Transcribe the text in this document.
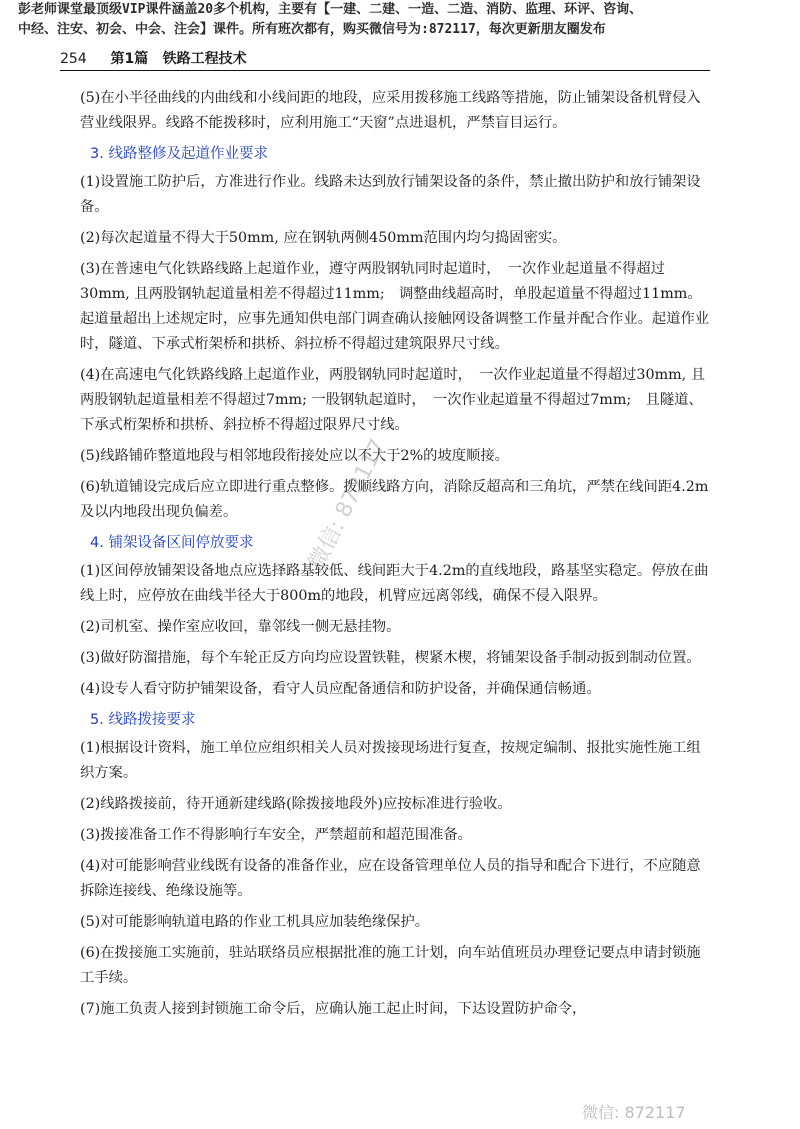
彭老师课堂最顶级VIP课件涵盖20多个机构，主要有【一建、二建、一造、二造、消防、监理、环评、咨询、
中经、注安、初会、中会、注会】课件。所有班次都有，购买微信号为:872117，每次更新朋友圈发布
254 第1篇 铁路工程技术

(5)在小半径曲线的内曲线和小线间距的地段，应采用拨移施工线路等措施，防止铺架设备机臂侵入营业线限界。线路不能拨移时，应利用施工“天窗”点进退机，严禁盲目运行。

3. 线路整修及起道作业要求

(1)设置施工防护后，方准进行作业。线路未达到放行铺架设备的条件，禁止撤出防护和放行铺架设备。

(2)每次起道量不得大于50mm, 应在钢轨两侧450mm范围内均匀捣固密实。

(3)在普速电气化铁路线路上起道作业，遵守两股钢轨同时起道时，　一次作业起道量不得超过30mm, 且两股钢轨起道量相差不得超过11mm;　调整曲线超高时，单股起道量不得超过11mm。起道量超出上述规定时，应事先通知供电部门调查确认接触网设备调整工作量并配合作业。起道作业时，隧道、下承式桁架桥和拱桥、斜拉桥不得超过建筑限界尺寸线。

(4)在高速电气化铁路线路上起道作业，两股钢轨同时起道时，　一次作业起道量不得超过30mm, 且两股钢轨起道量相差不得超过7mm; 一股钢轨起道时，　一次作业起道量不得超过7mm;　且隧道、下承式桁架桥和拱桥、斜拉桥不得超过限界尺寸线。

(5)线路铺砟整道地段与相邻地段衔接处应以不大于2%的坡度顺接。

(6)轨道铺设完成后应立即进行重点整修。拨顺线路方向，消除反超高和三角坑，严禁在线间距4.2m及以内地段出现负偏差。

4. 铺架设备区间停放要求

(1)区间停放铺架设备地点应选择路基较低、线间距大于4.2m的直线地段，路基坚实稳定。停放在曲线上时，应停放在曲线半径大于800m的地段，机臂应远离邻线，确保不侵入限界。

(2)司机室、操作室应收回，靠邻线一侧无悬挂物。

(3)做好防溜措施，每个车轮正反方向均应设置铁鞋，楔紧木楔，将铺架设备手制动扳到制动位置。

(4)设专人看守防护铺架设备，看守人员应配备通信和防护设备，并确保通信畅通。

5. 线路拨接要求

(1)根据设计资料，施工单位应组织相关人员对拨接现场进行复查，按规定编制、报批实施性施工组织方案。

(2)线路拨接前，待开通新建线路(除拨接地段外)应按标准进行验收。

(3)拨接准备工作不得影响行车安全，严禁超前和超范围准备。

(4)对可能影响营业线既有设备的准备作业，应在设备管理单位人员的指导和配合下进行，不应随意拆除连接线、绝缘设施等。

(5)对可能影响轨道电路的作业工机具应加装绝缘保护。

(6)在拨接施工实施前，驻站联络员应根据批准的施工计划，向车站值班员办理登记要点申请封锁施工手续。

(7)施工负责人接到封锁施工命令后，应确认施工起止时间，下达设置防护命令，

微信: 872117
微信: 872117
